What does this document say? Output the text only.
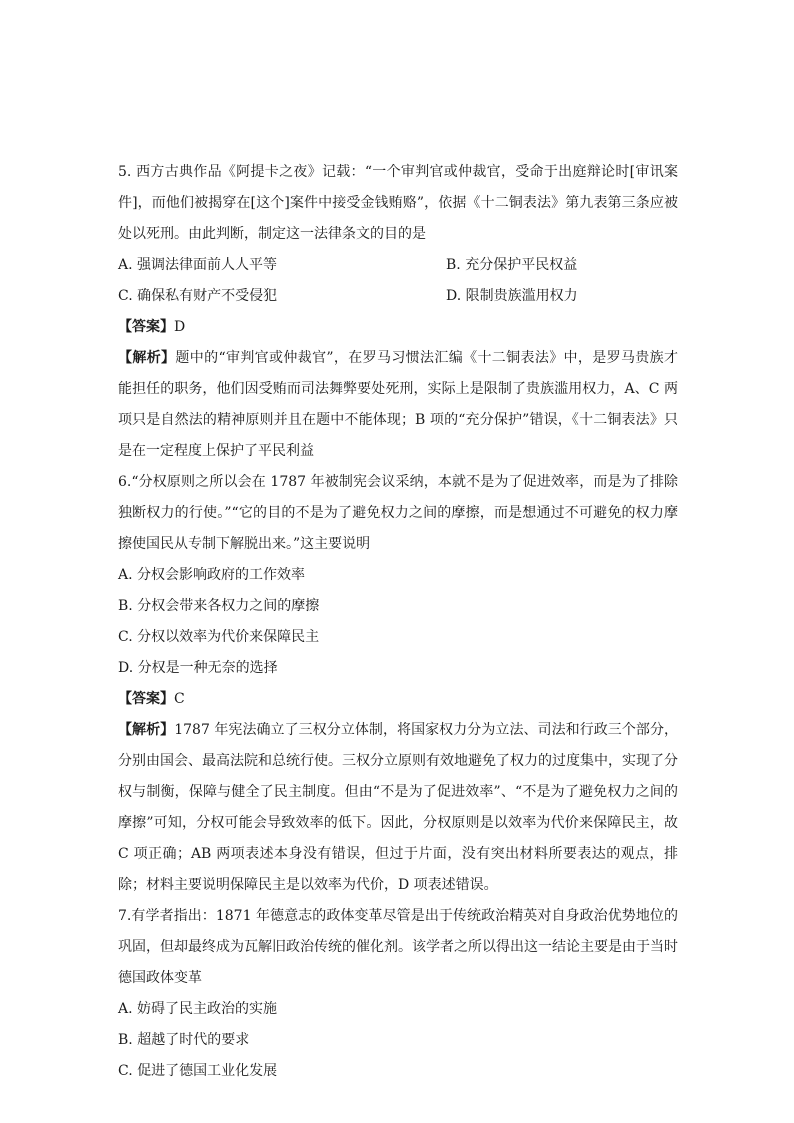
5. 西方古典作品《阿提卡之夜》记载：“一个审判官或仲裁官，受命于出庭辩论时[审讯案件]，而他们被揭穿在[这个]案件中接受金钱贿赂”，依据《十二铜表法》第九表第三条应被处以死刑。由此判断，制定这一法律条文的目的是

A. 强调法律面前人人平等	B. 充分保护平民权益
C. 确保私有财产不受侵犯	D. 限制贵族滥用权力

【答案】D

【解析】题中的“审判官或仲裁官”，在罗马习惯法汇编《十二铜表法》中，是罗马贵族才能担任的职务，他们因受贿而司法舞弊要处死刑，实际上是限制了贵族滥用权力，A、C 两项只是自然法的精神原则并且在题中不能体现；B 项的“充分保护”错误，《十二铜表法》只是在一定程度上保护了平民利益

6.“分权原则之所以会在 1787 年被制宪会议采纳，本就不是为了促进效率，而是为了排除独断权力的行使。”“它的目的不是为了避免权力之间的摩擦，而是想通过不可避免的权力摩擦使国民从专制下解脱出来。”这主要说明

A. 分权会影响政府的工作效率

B. 分权会带来各权力之间的摩擦

C. 分权以效率为代价来保障民主

D. 分权是一种无奈的选择

【答案】C

【解析】1787 年宪法确立了三权分立体制，将国家权力分为立法、司法和行政三个部分，分别由国会、最高法院和总统行使。三权分立原则有效地避免了权力的过度集中，实现了分权与制衡，保障与健全了民主制度。但由“不是为了促进效率”、“不是为了避免权力之间的摩擦”可知，分权可能会导致效率的低下。因此，分权原则是以效率为代价来保障民主，故 C 项正确；AB 两项表述本身没有错误，但过于片面，没有突出材料所要表达的观点，排除；材料主要说明保障民主是以效率为代价，D 项表述错误。

7.有学者指出：1871 年德意志的政体变革尽管是出于传统政治精英对自身政治优势地位的巩固，但却最终成为瓦解旧政治传统的催化剂。该学者之所以得出这一结论主要是由于当时德国政体变革

A. 妨碍了民主政治的实施

B. 超越了时代的要求

C. 促进了德国工业化发展
